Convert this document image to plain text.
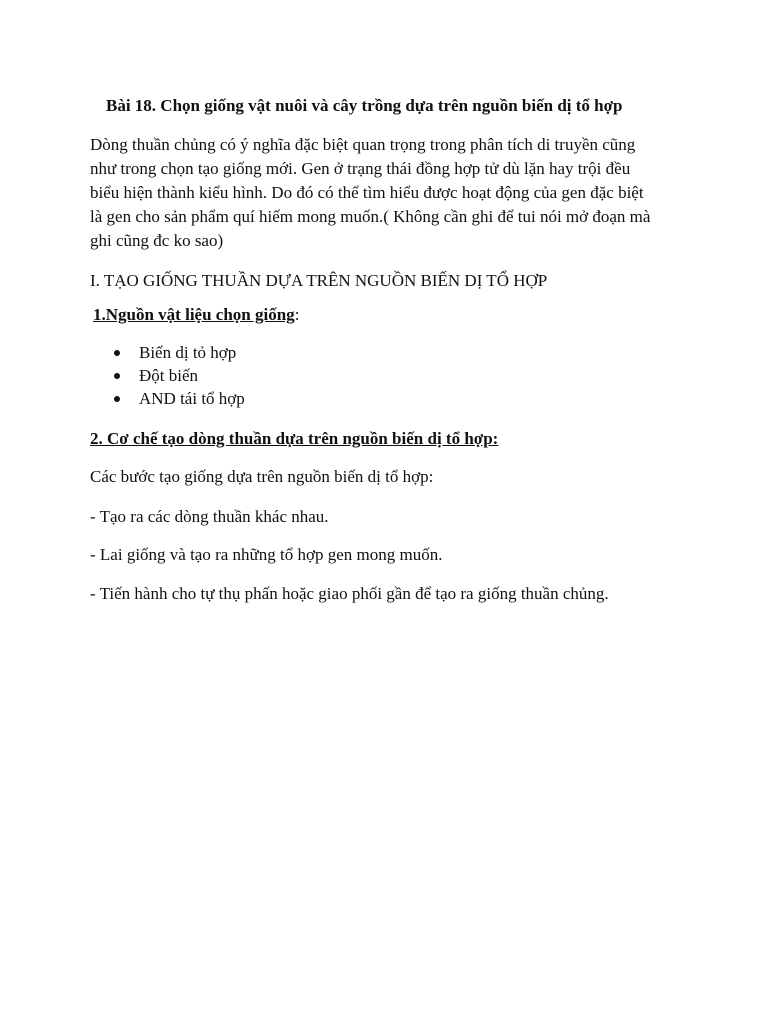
Bài 18. Chọn giống vật nuôi và cây trồng dựa trên nguồn biến dị tổ hợp
Dòng thuần chủng có ý nghĩa đặc biệt quan trọng trong phân tích di truyền cũng
như trong chọn tạo giống mới. Gen ở trạng thái đồng hợp tử dù lặn hay trội đều
biểu hiện thành kiểu hình. Do đó có thể tìm hiểu được hoạt động của gen đặc biệt
là gen cho sản phẩm quí hiếm mong muốn.( Không cần ghi để tui nói mở đoạn mà
ghi cũng đc ko sao)
I. TẠO GIỐNG THUẦN DỰA TRÊN NGUỒN BIẾN DỊ TỔ HỢP
1.Nguồn vật liệu chọn giống:
Biến dị tỏ hợp
Đột biến
AND tái tổ hợp
2. Cơ chế tạo dòng thuần dựa trên nguồn biến dị tổ hợp:
Các bước tạo giống dựa trên nguồn biến dị tổ hợp:
- Tạo ra các dòng thuần khác nhau.
- Lai giống và tạo ra những tổ hợp gen mong muốn.
- Tiến hành cho tự thụ phấn hoặc giao phối gần để tạo ra giống thuần chủng.
